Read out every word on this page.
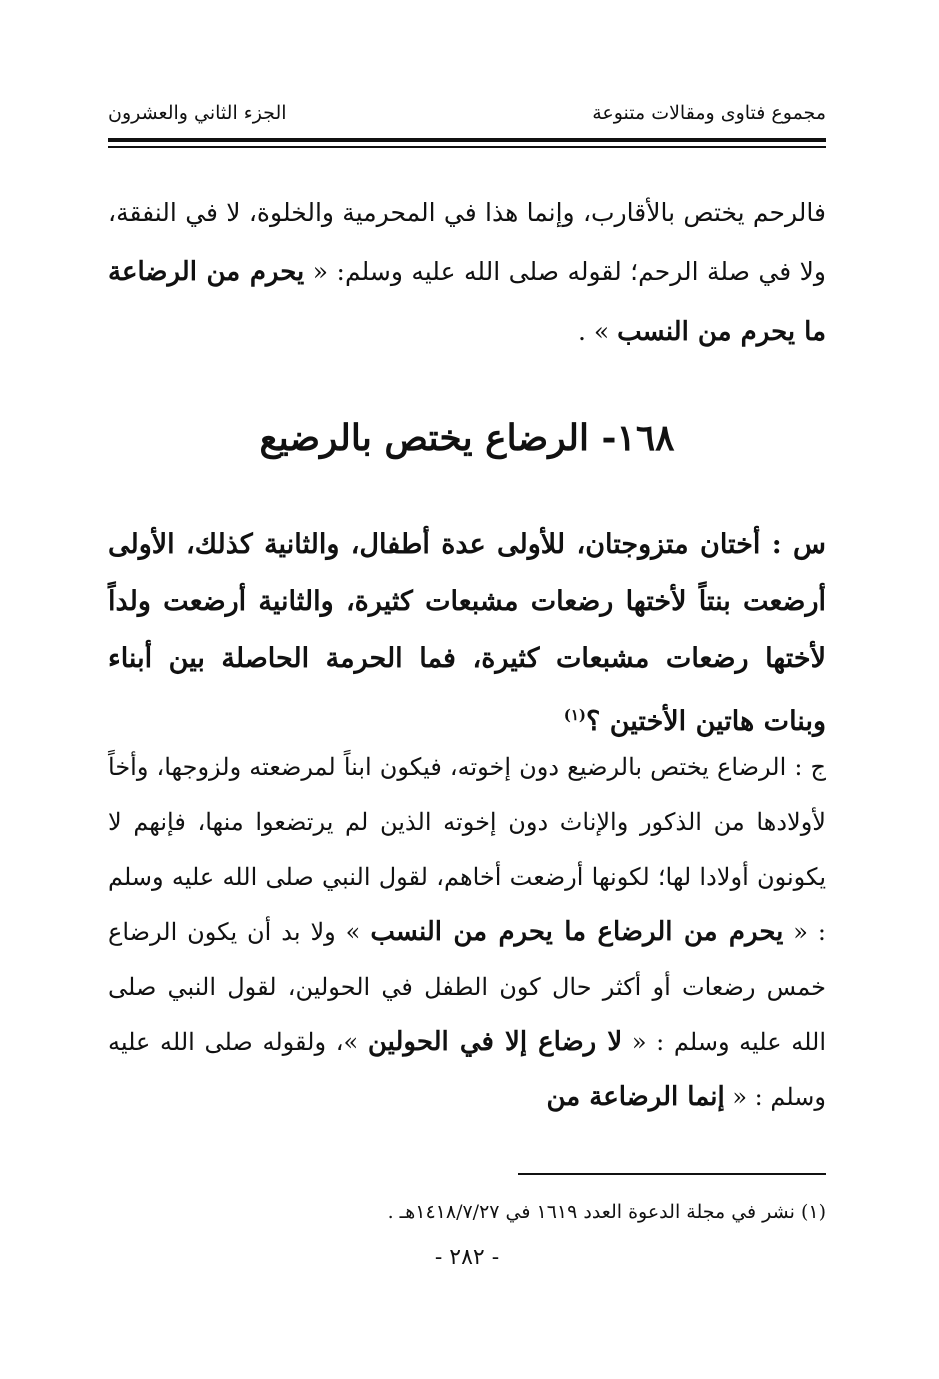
مجموع فتاوى ومقالات متنوعة
الجزء الثاني والعشرون
فالرحم يختص بالأقارب، وإنما هذا في المحرمية والخلوة، لا في النفقة، ولا في صلة الرحم؛ لقوله صلى الله عليه وسلم: « يحرم من الرضاعة ما يحرم من النسب » .
١٦٨- الرضاع يختص بالرضيع
س : أختان متزوجتان، للأولى عدة أطفال، والثانية كذلك، الأولى أرضعت بنتاً لأختها رضعات مشبعات كثيرة، والثانية أرضعت ولداً لأختها رضعات مشبعات كثيرة، فما الحرمة الحاصلة بين أبناء وبنات هاتين الأختين ؟$^{(١)}$
ج : الرضاع يختص بالرضيع دون إخوته، فيكون ابناً لمرضعته ولزوجها، وأخاً لأولادها من الذكور والإناث دون إخوته الذين لم يرتضعوا منها، فإنهم لا يكونون أولادا لها؛ لكونها أرضعت أخاهم، لقول النبي صلى الله عليه وسلم : « يحرم من الرضاع ما يحرم من النسب » ولا بد أن يكون الرضاع خمس رضعات أو أكثر حال كون الطفل في الحولين، لقول النبي صلى الله عليه وسلم : « لا رضاع إلا في الحولين »، ولقوله صلى الله عليه وسلم : « إنما الرضاعة من
(١) نشر في مجلة الدعوة العدد ١٦١٩ في ١٤١٨/٧/٢٧هـ .
- ٢٨٢ -
